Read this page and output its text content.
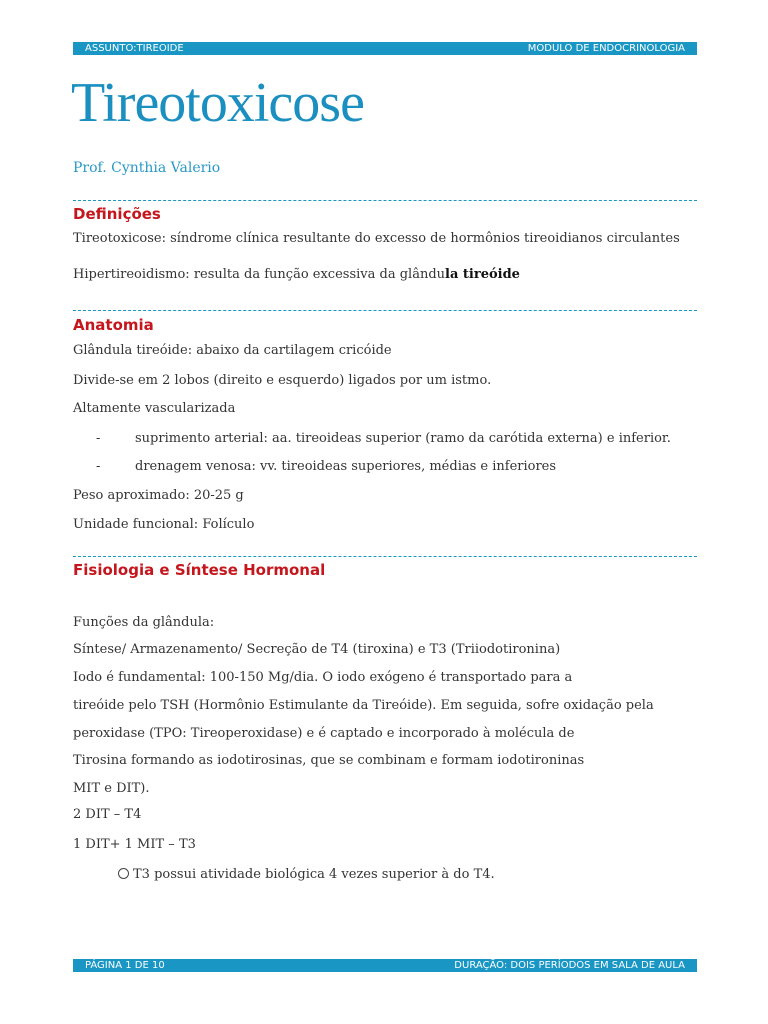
ASSUNTO:TIREOIDE	MODULO DE ENDOCRINOLOGIA
Tireotoxicose
Prof. Cynthia Valerio
Definições
Tireotoxicose: síndrome clínica resultante do excesso de hormônios tireoidianos circulantes
Hipertireoidismo: resulta da função excessiva da glândula tireóide
Anatomia
Glândula tireóide: abaixo da cartilagem cricóide
Divide-se em 2 lobos (direito e esquerdo) ligados por um istmo.
Altamente vascularizada
-	suprimento arterial: aa. tireoideas superior (ramo da carótida externa) e inferior.
-	drenagem venosa: vv. tireoideas superiores, médias e inferiores
Peso aproximado: 20-25 g
Unidade funcional: Folículo
Fisiologia e Síntese Hormonal
Funções da glândula:
Síntese/ Armazenamento/ Secreção de T4 (tiroxina) e T3 (Triiodotironina)
Iodo é fundamental: 100-150 Mg/dia. O iodo exógeno é transportado para a
tireóide pelo TSH (Hormônio Estimulante da Tireóide). Em seguida, sofre oxidação pela
peroxidase (TPO: Tireoperoxidase) e é captado e incorporado à molécula de
Tirosina formando as iodotirosinas, que se combinam e formam iodotironinas
MIT e DIT).
2 DIT – T4
1 DIT+ 1 MIT – T3
T3 possui atividade biológica 4 vezes superior à do T4.
PÁGINA 1 DE 10	DURAÇÃO: DOIS PERÍODOS EM SALA DE AULA
